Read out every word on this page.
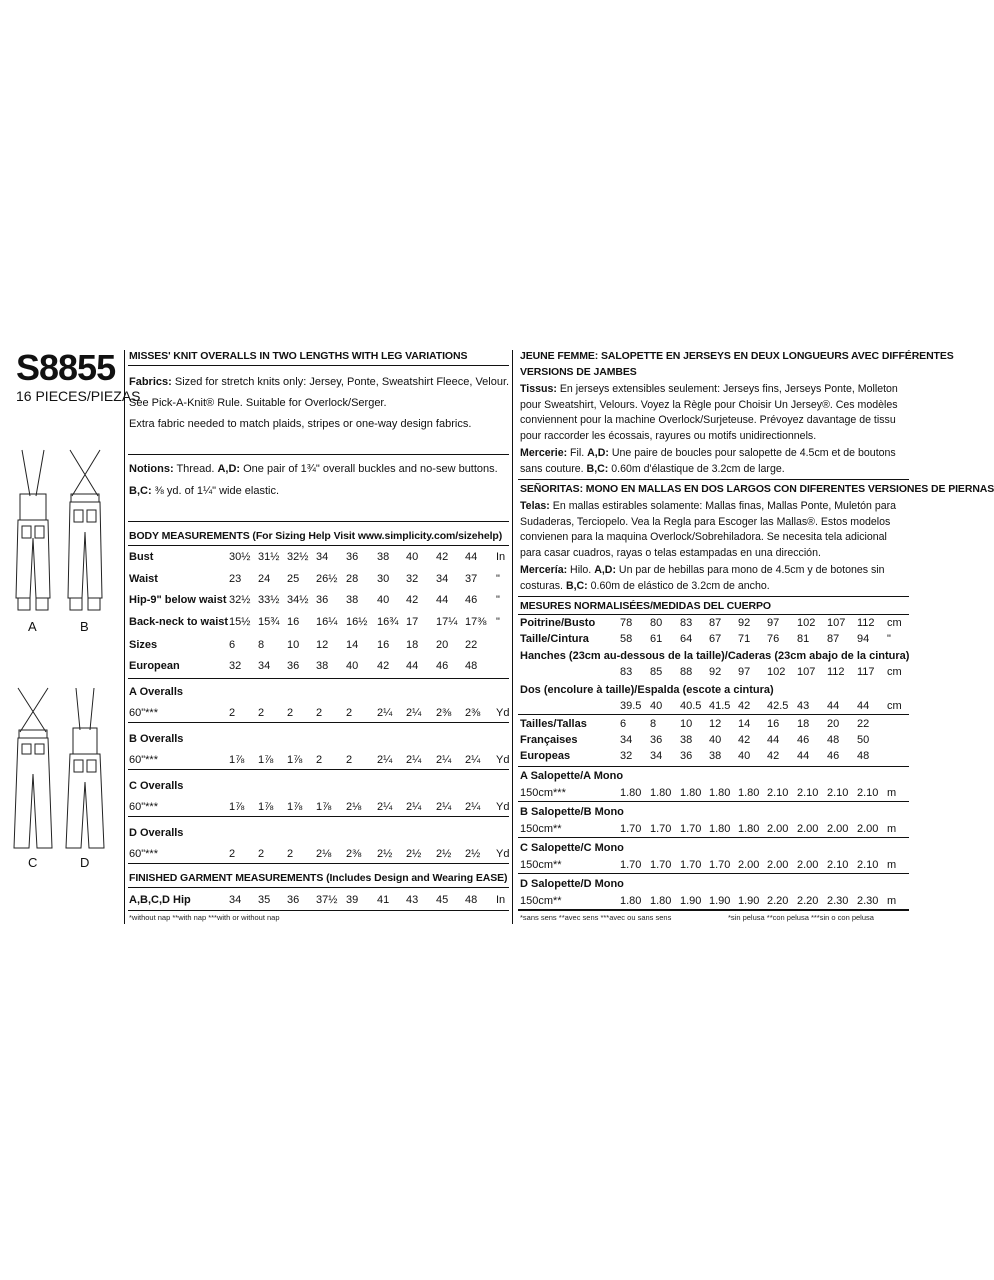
S8855
16 PIECES/PIEZAS
A	B
C	D
MISSES' KNIT OVERALLS IN TWO LENGTHS WITH LEG VARIATIONS
Fabrics: Sized for stretch knits only: Jersey, Ponte, Sweatshirt Fleece, Velour.
See Pick-A-Knit® Rule. Suitable for Overlock/Serger.
Extra fabric needed to match plaids, stripes or one-way design fabrics.
Notions: Thread. A,D: One pair of 1¾" overall buckles and no-sew buttons.
B,C: ⅜ yd. of 1¼" wide elastic.
BODY MEASUREMENTS (For Sizing Help Visit www.simplicity.com/sizehelp)
Bust	30½ 31½ 32½ 34 36 38 40 42 44 In
Waist	23 24 25 26½ 28 30 32 34 37 "
Hip-9" below waist 32½ 33½ 34½ 36 38 40 42 44 46 "
Back-neck to waist 15½ 15¾ 16 16¼ 16½ 16¾ 17 17¼ 17⅜ "
Sizes	6 8 10 12 14 16 18 20 22
European	32 34 36 38 40 42 44 46 48
A Overalls
60"***	2 2 2 2 2 2¼ 2¼ 2⅜ 2⅜ Yd
B Overalls
60"***	1⅞ 1⅞ 1⅞ 2 2 2¼ 2¼ 2¼ 2¼ Yd
C Overalls
60"***	1⅞ 1⅞ 1⅞ 1⅞ 2⅛ 2¼ 2¼ 2¼ 2¼ Yd
D Overalls
60"***	2 2 2 2⅛ 2⅜ 2½ 2½ 2½ 2½ Yd
FINISHED GARMENT MEASUREMENTS (Includes Design and Wearing EASE)
A,B,C,D Hip	34 35 36 37½ 39 41 43 45 48 In
*without nap **with nap ***with or without nap
JEUNE FEMME: SALOPETTE EN JERSEYS EN DEUX LONGUEURS AVEC DIFFÉRENTES
VERSIONS DE JAMBES
Tissus: En jerseys extensibles seulement: Jerseys fins, Jerseys Ponte, Molleton pour Sweatshirt, Velours. Voyez la Règle pour Choisir Un Jersey®. Ces modèles conviennent pour la machine Overlock/Surjeteuse. Prévoyez davantage de tissu pour raccorder les écossais, rayures ou motifs unidirectionnels.
Mercerie: Fil. A,D: Une paire de boucles pour salopette de 4.5cm et de boutons sans couture. B,C: 0.60m d'élastique de 3.2cm de large.
SEÑORITAS: MONO EN MALLAS EN DOS LARGOS CON DIFERENTES VERSIONES DE PIERNAS
Telas: En mallas estirables solamente: Mallas finas, Mallas Ponte, Muletón para Sudaderas, Terciopelo. Vea la Regla para Escoger las Mallas®. Estos modelos convienen para la maquina Overlock/Sobrehiladora. Se necesita tela adicional para casar cuadros, rayas o telas estampadas en una dirección.
Mercería: Hilo. A,D: Un par de hebillas para mono de 4.5cm y de botones sin costuras. B,C: 0.60m de elástico de 3.2cm de ancho.
MESURES NORMALISÉES/MEDIDAS DEL CUERPO
Poitrine/Busto 78 80 83 87 92 97 102 107 112 cm
Taille/Cintura	58 61 64 67 71 76 81 87 94 "
Hanches (23cm au-dessous de la taille)/Caderas (23cm abajo de la cintura)
83 85 88 92 97 102 107 112 117 cm
Dos (encolure à taille)/Espalda (escote a cintura)
39.5 40 40.5 41.5 42 42.5 43 44 44 cm
Tailles/Tallas	6 8 10 12 14 16 18 20 22
Françaises	34 36 38 40 42 44 46 48 50
Europeas	32 34 36 38 40 42 44 46 48
A Salopette/A Mono
150cm***	1.80 1.80 1.80 1.80 1.80 2.10 2.10 2.10 2.10 m
B Salopette/B Mono
150cm**	1.70 1.70 1.70 1.80 1.80 2.00 2.00 2.00 2.00 m
C Salopette/C Mono
150cm**	1.70 1.70 1.70 1.70 2.00 2.00 2.00 2.10 2.10 m
D Salopette/D Mono
150cm**	1.80 1.80 1.90 1.90 1.90 2.20 2.20 2.30 2.30 m
*sans sens **avec sens ***avec ou sans sens	*sin pelusa **con pelusa ***sin o con pelusa
